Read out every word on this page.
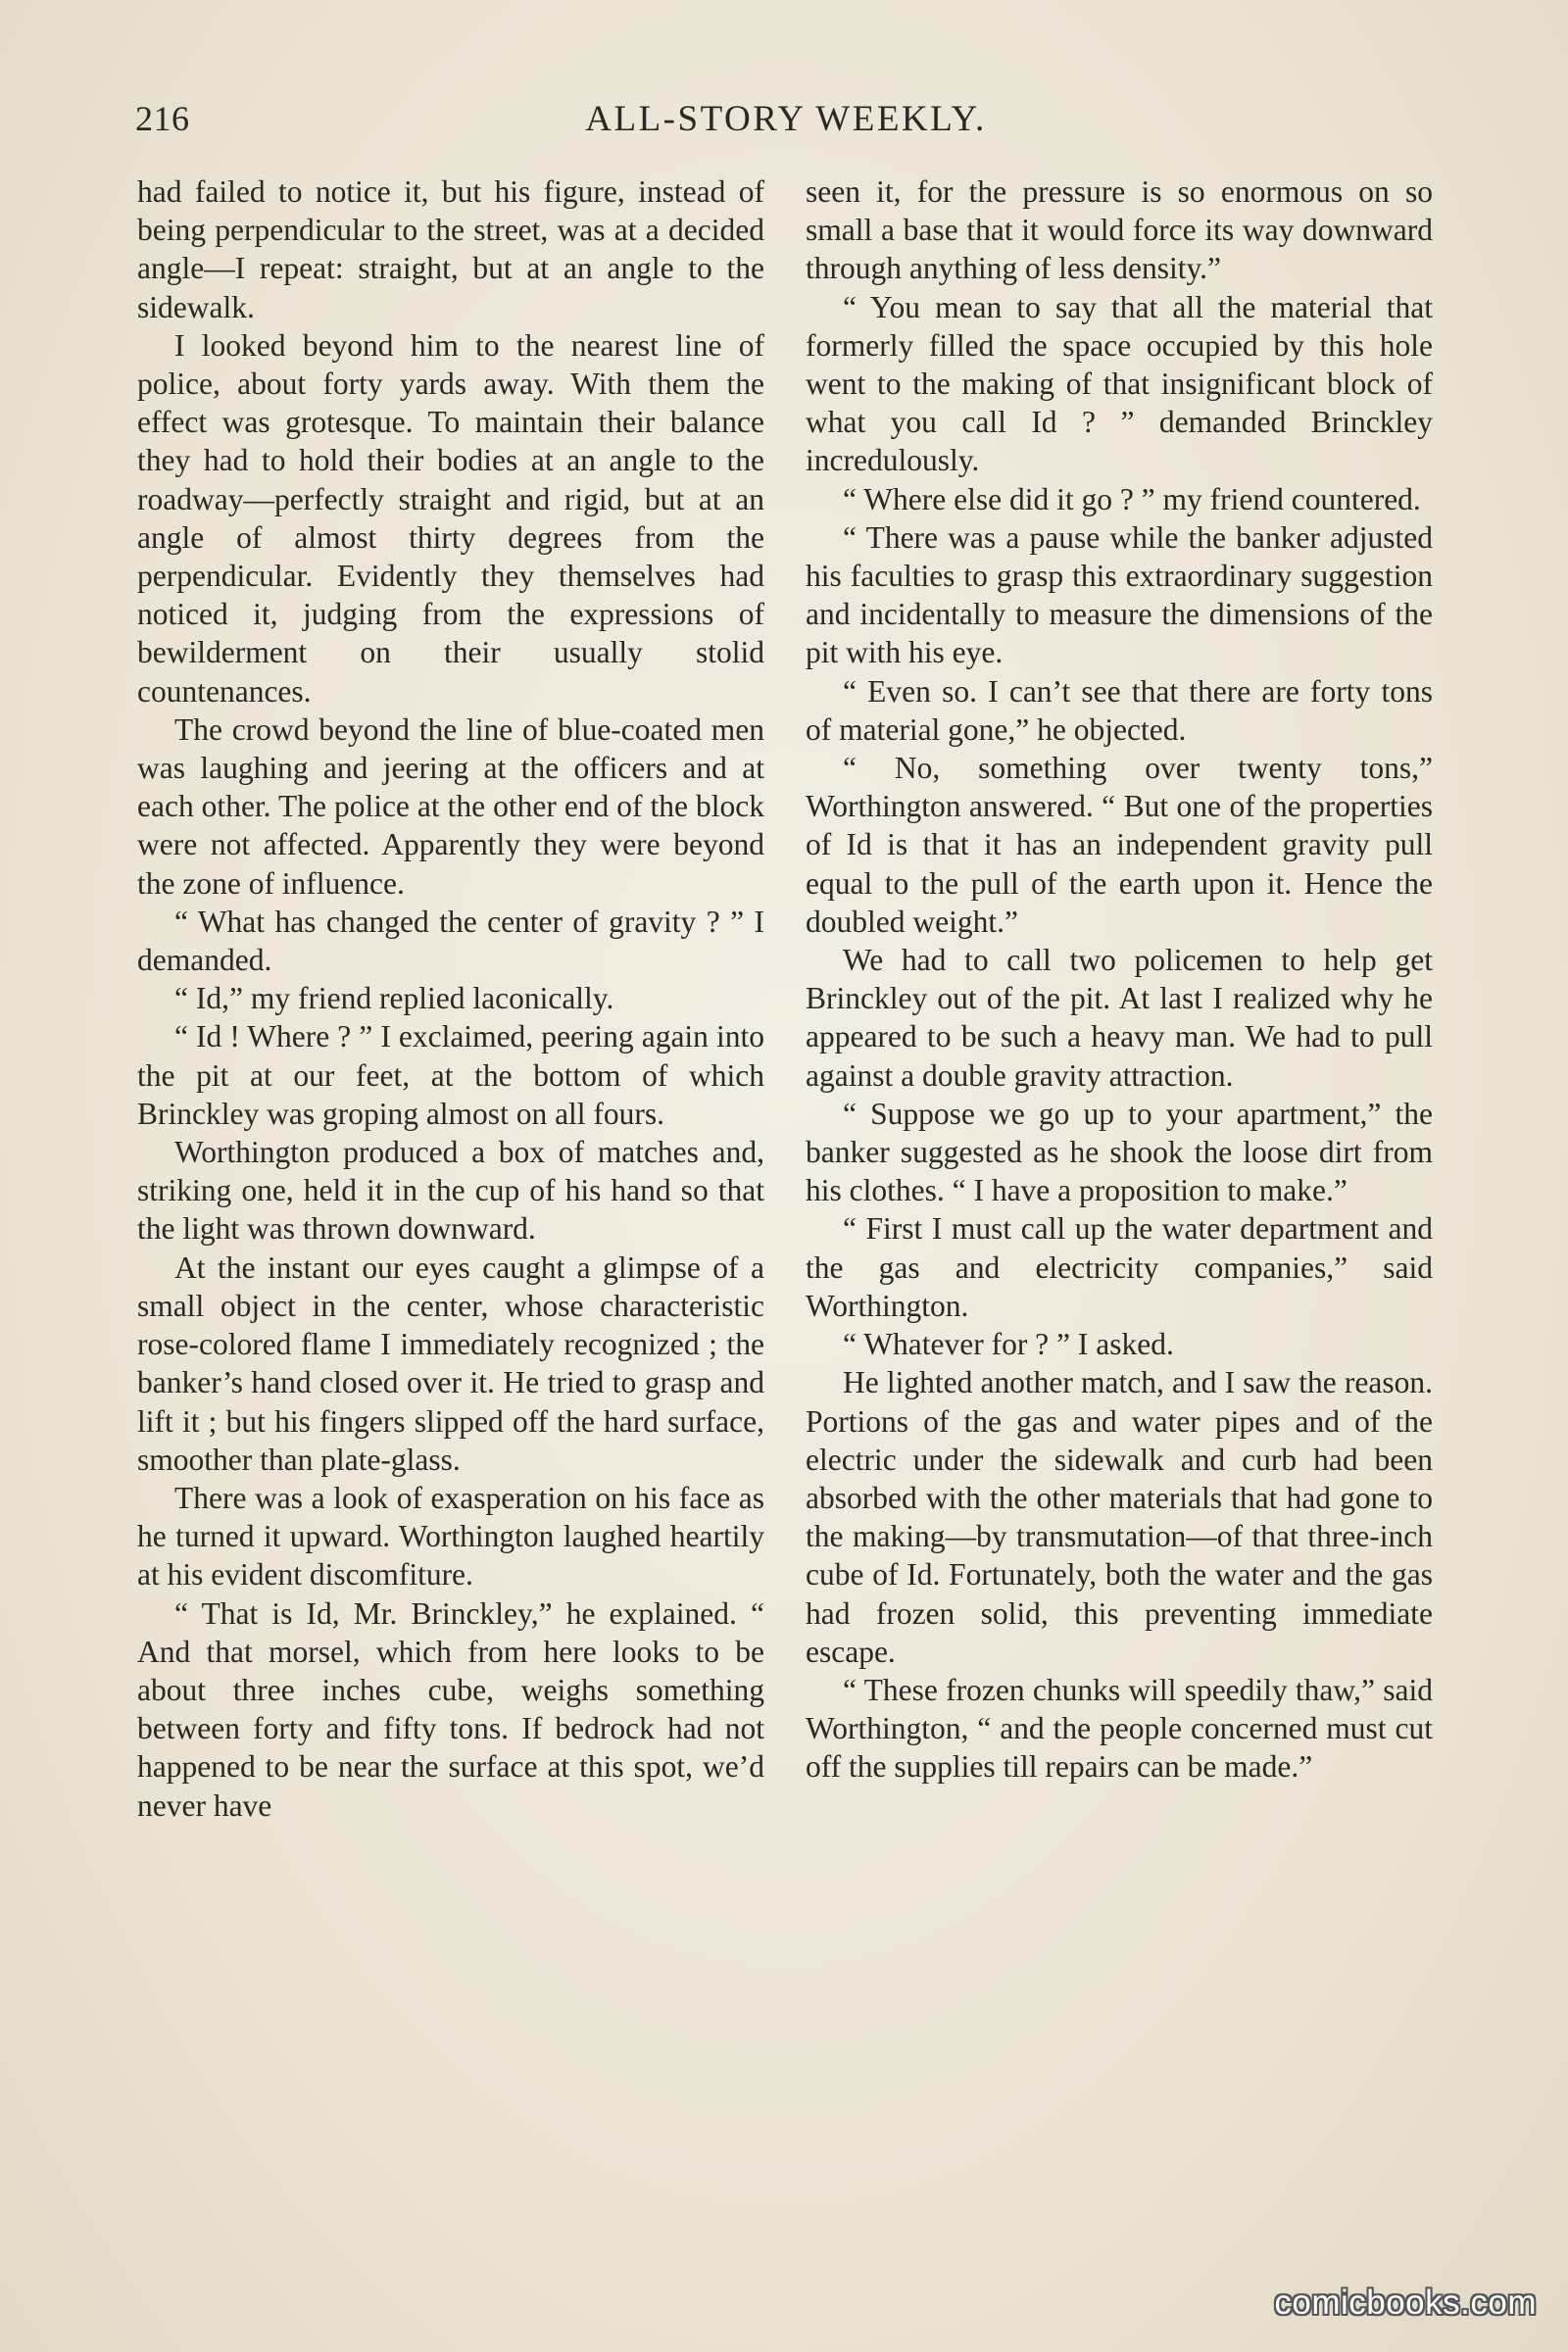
216	ALL-STORY WEEKLY.

had failed to notice it, but his figure, instead of being perpendicular to the street, was at a decided angle—I repeat: straight, but at an angle to the sidewalk.

I looked beyond him to the nearest line of police, about forty yards away. With them the effect was grotesque. To maintain their balance they had to hold their bodies at an angle to the roadway—perfectly straight and rigid, but at an angle of almost thirty degrees from the perpendicular. Evidently they themselves had noticed it, judging from the expressions of bewilderment on their usually stolid countenances.

The crowd beyond the line of blue-coated men was laughing and jeering at the officers and at each other. The police at the other end of the block were not affected. Apparently they were beyond the zone of influence.

“ What has changed the center of gravity ? ” I demanded.

“ Id,” my friend replied laconically.

“ Id ! Where ? ” I exclaimed, peering again into the pit at our feet, at the bottom of which Brinckley was groping almost on all fours.

Worthington produced a box of matches and, striking one, held it in the cup of his hand so that the light was thrown downward.

At the instant our eyes caught a glimpse of a small object in the center, whose characteristic rose-colored flame I immediately recognized ; the banker’s hand closed over it. He tried to grasp and lift it ; but his fingers slipped off the hard surface, smoother than plate-glass.

There was a look of exasperation on his face as he turned it upward. Worthington laughed heartily at his evident discomfiture.

“ That is Id, Mr. Brinckley,” he explained. “ And that morsel, which from here looks to be about three inches cube, weighs something between forty and fifty tons. If bedrock had not happened to be near the surface at this spot, we’d never have

seen it, for the pressure is so enormous on so small a base that it would force its way downward through anything of less density.”

“ You mean to say that all the material that formerly filled the space occupied by this hole went to the making of that insignificant block of what you call Id ? ” demanded Brinckley incredulously.

“ Where else did it go ? ” my friend countered.

“ There was a pause while the banker adjusted his faculties to grasp this extraordinary suggestion and incidentally to measure the dimensions of the pit with his eye.

“ Even so. I can’t see that there are forty tons of material gone,” he objected.

“ No, something over twenty tons,” Worthington answered. “ But one of the properties of Id is that it has an independent gravity pull equal to the pull of the earth upon it. Hence the doubled weight.”

We had to call two policemen to help get Brinckley out of the pit. At last I realized why he appeared to be such a heavy man. We had to pull against a double gravity attraction.

“ Suppose we go up to your apartment,” the banker suggested as he shook the loose dirt from his clothes. “ I have a proposition to make.”

“ First I must call up the water department and the gas and electricity companies,” said Worthington.

“ Whatever for ? ” I asked.

He lighted another match, and I saw the reason. Portions of the gas and water pipes and of the electric under the sidewalk and curb had been absorbed with the other materials that had gone to the making—by transmutation—of that three-inch cube of Id. Fortunately, both the water and the gas had frozen solid, this preventing immediate escape.

“ These frozen chunks will speedily thaw,” said Worthington, “ and the people concerned must cut off the supplies till repairs can be made.”

comicbooks.com
